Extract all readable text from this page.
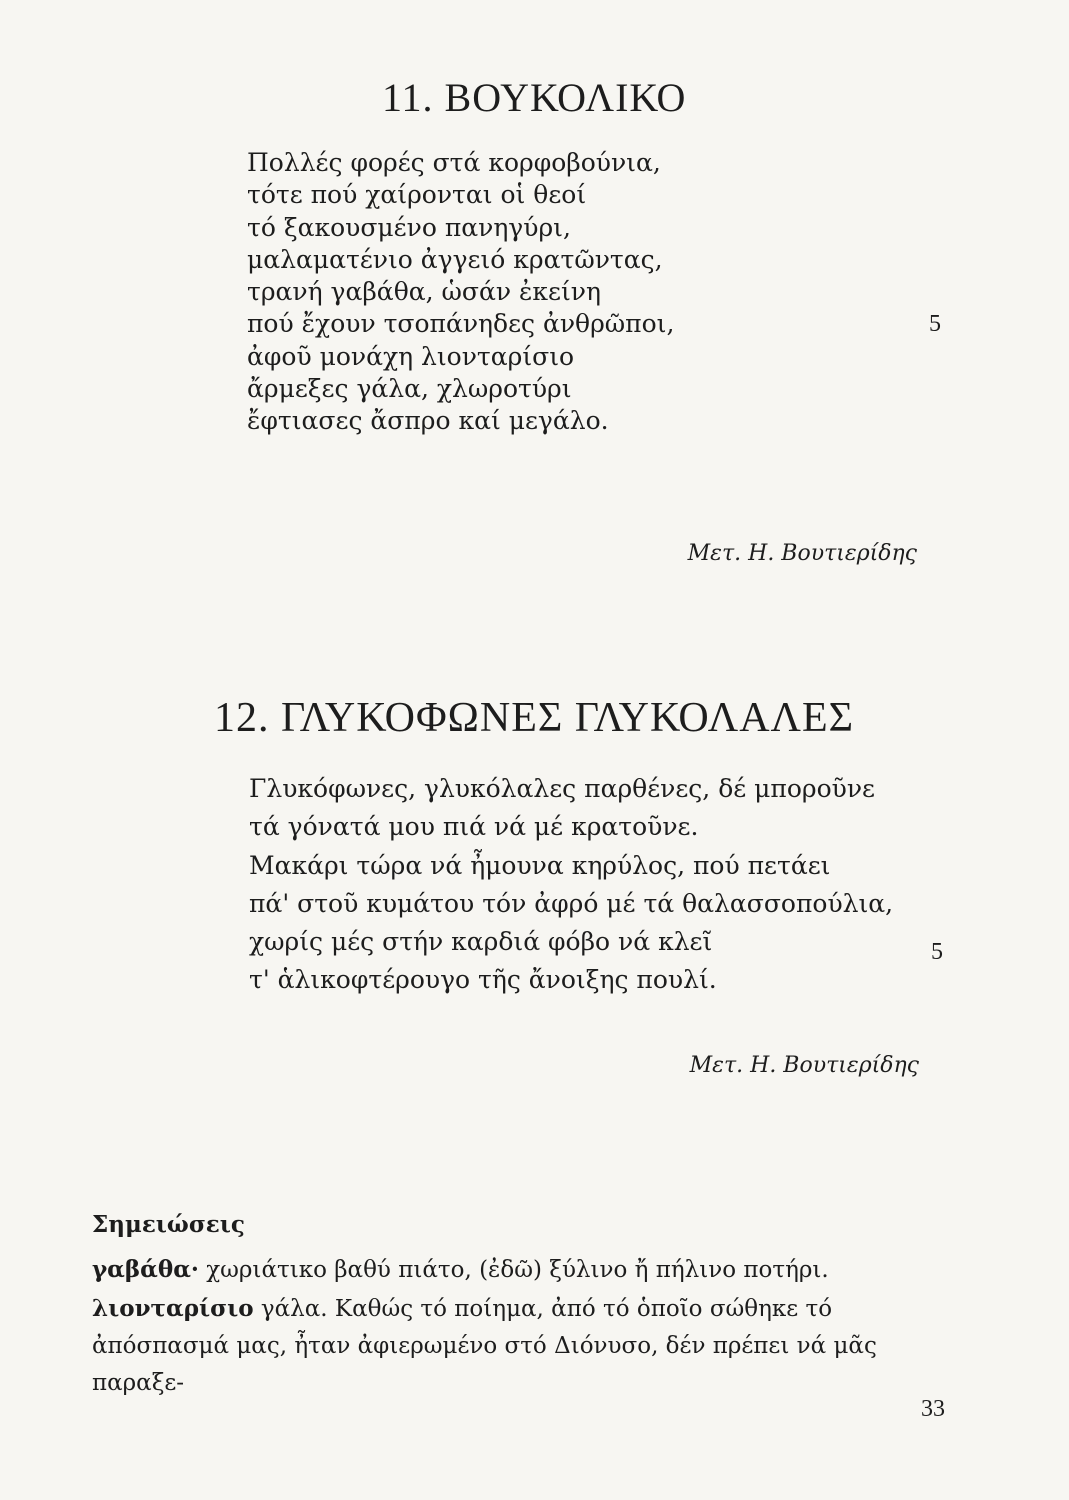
11. ΒΟΥΚΟΛΙΚΟ
Πολλές φορές στά κορφοβούνια,
τότε πού χαίρονται οἱ θεοί
τό ξακουσμένο πανηγύρι,
μαλαματένιο ἀγγειό κρατῶντας,
τρανή γαβάθα, ὡσάν ἐκείνη
πού ἔχουν τσοπάνηδες ἀνθρῶποι,
ἀφοῦ μονάχη λιονταρίσιο
ἄρμεξες γάλα, χλωροτύρι
ἔφτιασες ἄσπρο καί μεγάλο.
5

Μετ. Η. Βουτιερίδης

12. ΓΛΥΚΟΦΩΝΕΣ ΓΛΥΚΟΛΑΛΕΣ
Γλυκόφωνες, γλυκόλαλες παρθένες, δέ μποροῦνε
τά γόνατά μου πιά νά μέ κρατοῦνε.
Μακάρι τώρα νά ἦμουνα κηρύλος, πού πετάει
πά' στοῦ κυμάτου τόν ἀφρό μέ τά θαλασσοπούλια,
χωρίς μές στήν καρδιά φόβο νά κλεῖ
τ' ἁλικοφτέρουγο τῆς ἄνοιξης πουλί.
5

Μετ. Η. Βουτιερίδης

Σημειώσεις

γαβάθα· χωριάτικο βαθύ πιάτο, (ἐδῶ) ξύλινο ἤ πήλινο ποτήρι.

λιονταρίσιο γάλα. Καθώς τό ποίημα, ἀπό τό ὁποῖο σώθηκε τό ἀπόσπασμά μας, ἦταν ἀφιερωμένο στό Διόνυσο, δέν πρέπει νά μᾶς παραξε-

33
